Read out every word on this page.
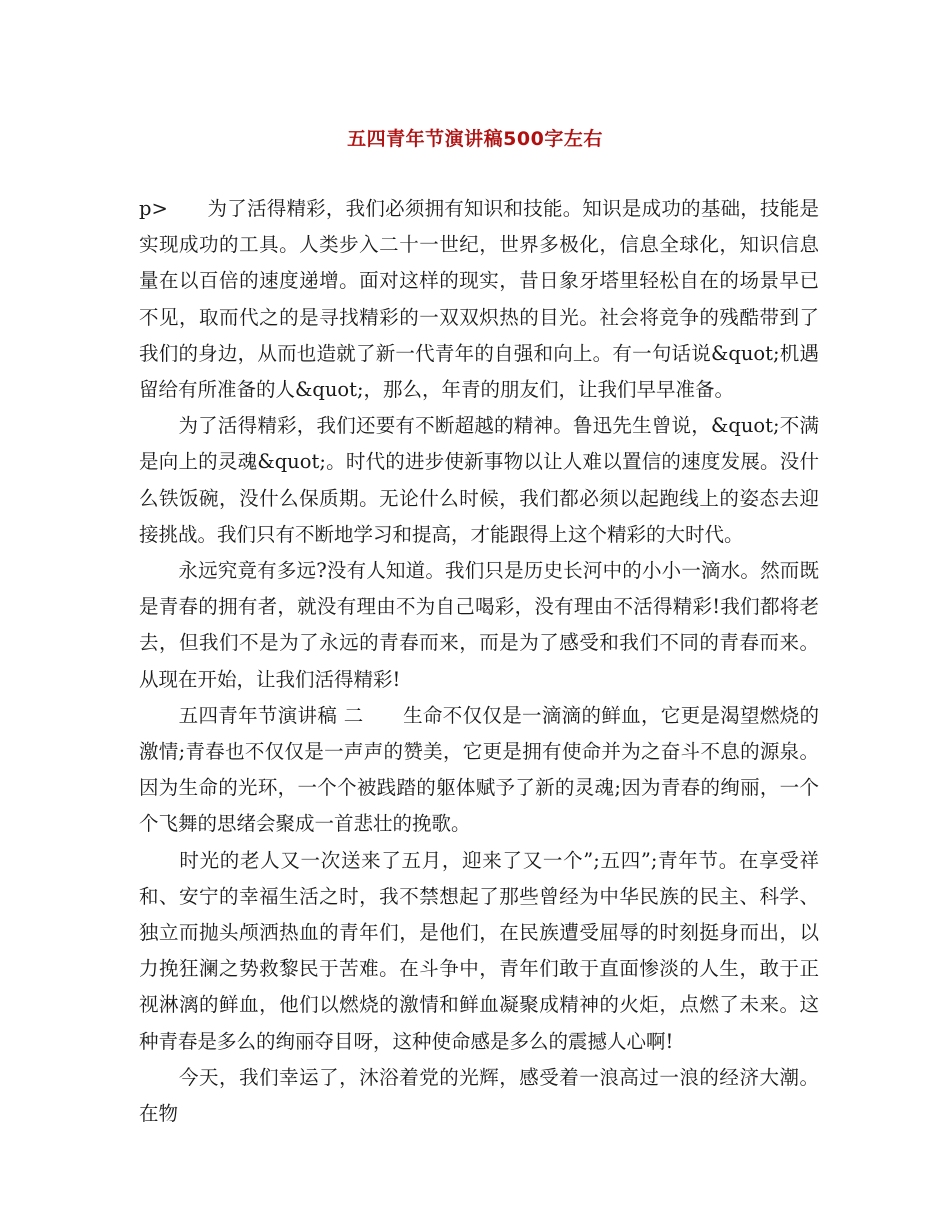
五四青年节演讲稿500字左右

p>　　为了活得精彩，我们必须拥有知识和技能。知识是成功的基础，技能是实现成功的工具。人类步入二十一世纪，世界多极化，信息全球化，知识信息量在以百倍的速度递增。面对这样的现实，昔日象牙塔里轻松自在的场景早已不见，取而代之的是寻找精彩的一双双炽热的目光。社会将竞争的残酷带到了我们的身边，从而也造就了新一代青年的自强和向上。有一句话说&quot;机遇留给有所准备的人&quot;，那么，年青的朋友们，让我们早早准备。

　　为了活得精彩，我们还要有不断超越的精神。鲁迅先生曾说，&quot;不满是向上的灵魂&quot;。时代的进步使新事物以让人难以置信的速度发展。没什么铁饭碗，没什么保质期。无论什么时候，我们都必须以起跑线上的姿态去迎接挑战。我们只有不断地学习和提高，才能跟得上这个精彩的大时代。

　　永远究竟有多远?没有人知道。我们只是历史长河中的小小一滴水。然而既是青春的拥有者，就没有理由不为自己喝彩，没有理由不活得精彩!我们都将老去，但我们不是为了永远的青春而来，而是为了感受和我们不同的青春而来。从现在开始，让我们活得精彩!

　　五四青年节演讲稿 二　　生命不仅仅是一滴滴的鲜血，它更是渴望燃烧的激情;青春也不仅仅是一声声的赞美，它更是拥有使命并为之奋斗不息的源泉。因为生命的光环，一个个被践踏的躯体赋予了新的灵魂;因为青春的绚丽，一个个飞舞的思绪会聚成一首悲壮的挽歌。

　　时光的老人又一次送来了五月，迎来了又一个”;五四”;青年节。在享受祥和、安宁的幸福生活之时，我不禁想起了那些曾经为中华民族的民主、科学、独立而抛头颅洒热血的青年们，是他们，在民族遭受屈辱的时刻挺身而出，以力挽狂澜之势救黎民于苦难。在斗争中，青年们敢于直面惨淡的人生，敢于正视淋漓的鲜血，他们以燃烧的激情和鲜血凝聚成精神的火炬，点燃了未来。这种青春是多么的绚丽夺目呀，这种使命感是多么的震撼人心啊!

　　今天，我们幸运了，沐浴着党的光辉，感受着一浪高过一浪的经济大潮。在物
